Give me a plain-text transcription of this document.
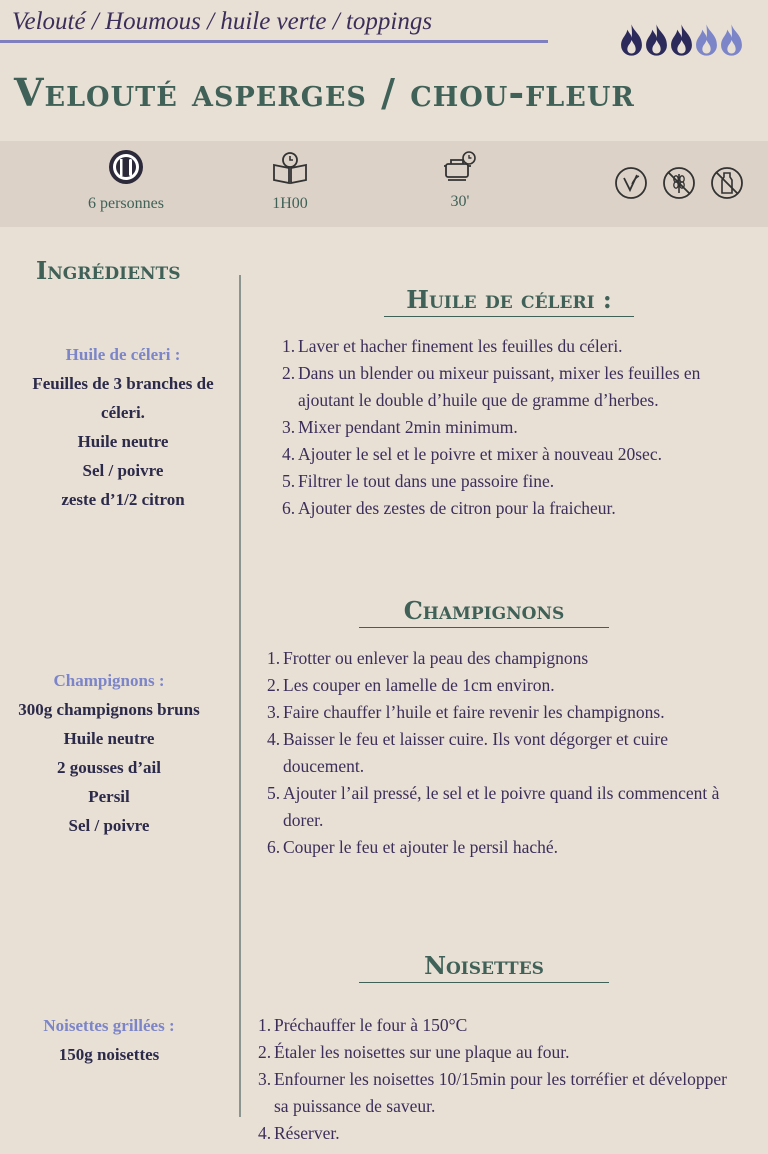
Velouté / Houmous / huile verte / toppings
Velouté asperges / chou-fleur
6 personnes	1H00	30'
Ingrédients
Huile de céleri :
Feuilles de 3 branches de céleri.
Huile neutre
Sel / poivre
zeste d’1/2 citron
Champignons :
300g champignons bruns
Huile neutre
2 gousses d’ail
Persil
Sel / poivre
Noisettes grillées :
150g noisettes
Huile de céleri :
Laver et hacher finement les feuilles du céleri.
Dans un blender ou mixeur puissant, mixer les feuilles en ajoutant le double d’huile que de gramme d’herbes.
Mixer pendant 2min minimum.
Ajouter le sel et le poivre et mixer à nouveau 20sec.
Filtrer le tout dans une passoire fine.
Ajouter des zestes de citron pour la fraicheur.
Champignons
Frotter ou enlever la peau des champignons
Les couper en lamelle de 1cm environ.
Faire chauffer l’huile et faire revenir les champignons.
Baisser le feu et laisser cuire. Ils vont dégorger et cuire doucement.
Ajouter l’ail pressé, le sel et le poivre quand ils commencent à dorer.
Couper le feu et ajouter le persil haché.
Noisettes
Préchauffer le four à 150°C
Étaler les noisettes sur une plaque au four.
Enfourner les noisettes 10/15min pour les torréfier et développer sa puissance de saveur.
Réserver.
